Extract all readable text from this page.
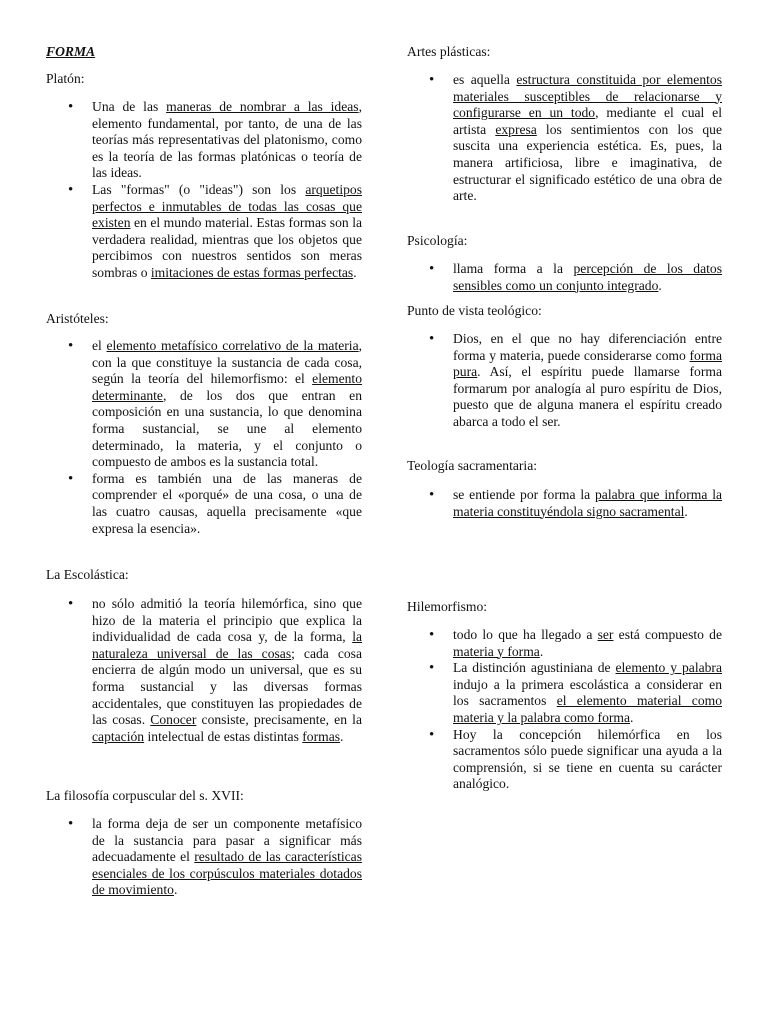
FORMA

Platón:

• Una de las maneras de nombrar a las ideas, elemento fundamental, por tanto, de una de las teorías más representativas del platonismo, como es la teoría de las formas platónicas o teoría de las ideas.
• Las "formas" (o "ideas") son los arquetipos perfectos e inmutables de todas las cosas que existen en el mundo material. Estas formas son la verdadera realidad, mientras que los objetos que percibimos con nuestros sentidos son meras sombras o imitaciones de estas formas perfectas.

Aristóteles:

• el elemento metafísico correlativo de la materia, con la que constituye la sustancia de cada cosa, según la teoría del hilemorfismo: el elemento determinante, de los dos que entran en composición en una sustancia, lo que denomina forma sustancial, se une al elemento determinado, la materia, y el conjunto o compuesto de ambos es la sustancia total.
• forma es también una de las maneras de comprender el «porqué» de una cosa, o una de las cuatro causas, aquella precisamente «que expresa la esencia».

La Escolástica:

• no sólo admitió la teoría hilemórfica, sino que hizo de la materia el principio que explica la individualidad de cada cosa y, de la forma, la naturaleza universal de las cosas; cada cosa encierra de algún modo un universal, que es su forma sustancial y las diversas formas accidentales, que constituyen las propiedades de las cosas. Conocer consiste, precisamente, en la captación intelectual de estas distintas formas.

La filosofía corpuscular del s. XVII:

• la forma deja de ser un componente metafísico de la sustancia para pasar a significar más adecuadamente el resultado de las características esenciales de los corpúsculos materiales dotados de movimiento.

Artes plásticas:

• es aquella estructura constituida por elementos materiales susceptibles de relacionarse y configurarse en un todo, mediante el cual el artista expresa los sentimientos con los que suscita una experiencia estética. Es, pues, la manera artificiosa, libre e imaginativa, de estructurar el significado estético de una obra de arte.

Psicología:

• llama forma a la percepción de los datos sensibles como un conjunto integrado.

Punto de vista teológico:

• Dios, en el que no hay diferenciación entre forma y materia, puede considerarse como forma pura. Así, el espíritu puede llamarse forma formarum por analogía al puro espíritu de Dios, puesto que de alguna manera el espíritu creado abarca a todo el ser.

Teología sacramentaria:

• se entiende por forma la palabra que informa la materia constituyéndola signo sacramental.

Hilemorfismo:

• todo lo que ha llegado a ser está compuesto de materia y forma.
• La distinción agustiniana de elemento y palabra indujo a la primera escolástica a considerar en los sacramentos el elemento material como materia y la palabra como forma.
• Hoy la concepción hilemórfica en los sacramentos sólo puede significar una ayuda a la comprensión, si se tiene en cuenta su carácter analógico.
